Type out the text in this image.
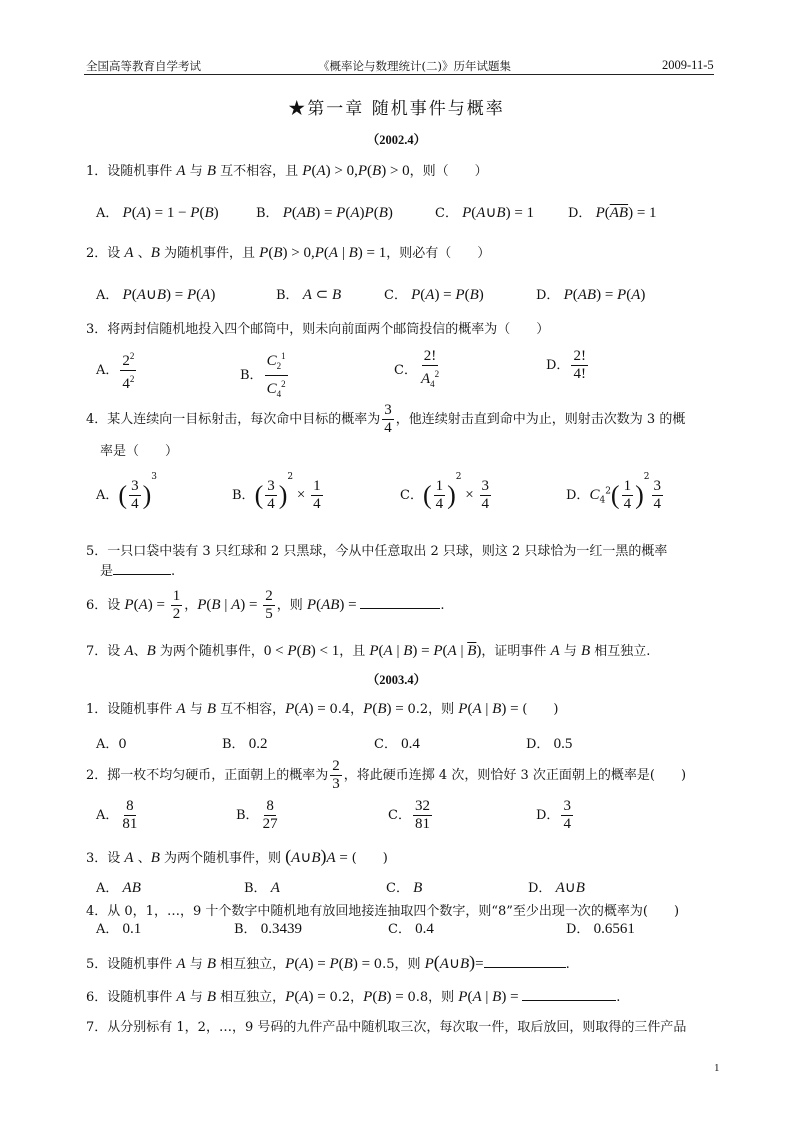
全国高等教育自学考试	《概率论与数理统计(二)》历年试题集	2009-11-5
★第一章 随机事件与概率
（2002.4）
1．设随机事件 A 与 B 互不相容，且 P(A) > 0,P(B) > 0，则（　　）
A． P(A) = 1 − P(B)	B． P(AB) = P(A)P(B)	C． P(A∪B) = 1	D． $P(\overline{AB}) = 1$
2．设 A 、B 为随机事件，且 P(B) > 0,P(A | B) = 1，则必有（　　）
A． P(A∪B) = P(A)	B． A ⊂ B	C． P(A) = P(B)	D． P(AB) = P(A)
3．将两封信随机地投入四个邮筒中，则未向前面两个邮筒投信的概率为（　　）
A． $\frac{2^2}{4^2}$	B． $\frac{C_2^1}{C_4^2}$	C． $\frac{2!}{A_4^2}$	D． $\frac{2!}{4!}$
4．某人连续向一目标射击，每次命中目标的概率为 $\frac{3}{4}$ ，他连续射击直到命中为止，则射击次数为 3 的概
率是（　　）
A．( $\frac{3}{4} )^3$
B．( $\frac{3}{4} )^2 \times \frac{1}{4}$	C．( $\frac{1}{4} )^2 \times \frac{3}{4}$	D．$C_4^2( \frac{1}{4} )^2$
$\frac{3}{4}$
5．一只口袋中装有 3 只红球和 2 只黑球，今从中任意取出 2 只球，则这 2 只球恰为一红一黑的概率
是	.
6．设 $P(A) = \frac{1}{2}$ ，P(B | $A) = \frac{2}{5}$ ，则 P(AB) =	.
7．设 A、B 为两个随机事件，0 < P(B) < 1，且 P(A | B) = P(A | $\overline{B}$)，证明事件 A 与 B 相互独立.
（2003.4）
1．设随机事件 A 与 B 互不相容，P(A) = 0.4，P(B) = 0.2，则 P(A | B) = (　　)
A．0	B． 0.2	C． 0.4	D． 0.5
2．掷一枚不均匀硬币，正面朝上的概率为 $\frac{2}{3}$ ，将此硬币连掷 4 次，则恰好 3 次正面朝上的概率是(　　)
A． $\frac{8}{81}$	B． $\frac{8}{27}$	C． $\frac{32}{81}$	D． $\frac{3}{4}$
3．设 A 、B 为两个随机事件，则 (A∪B)A = (　　)
A． AB	B． A	C． B	D． A∪B
4．从 0，1，…，9 十个数字中随机地有放回地接连抽取四个数字，则“8”至少出现一次的概率为(　　)
A． 0.1	B． 0.3439	C． 0.4	D． 0.6561
5．设随机事件 A 与 B 相互独立，P(A) = P(B) = 0.5，则 P(A∪B)=	.
6．设随机事件 A 与 B 相互独立，P(A) = 0.2，P(B) = 0.8，则 P(A | B) =	.
7．从分别标有 1，2，…，9 号码的九件产品中随机取三次，每次取一件，取后放回，则取得的三件产品
1
